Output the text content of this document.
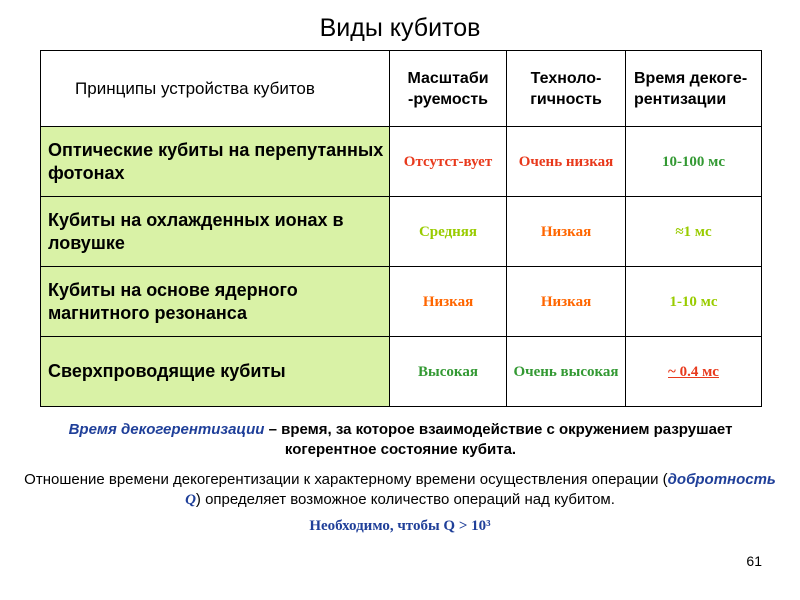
Виды кубитов
Принципы устройства кубитов	Масштаби -руемость	Техноло-гичность	Время декоге-рентизации
Оптические кубиты на перепутанных фотонах	Отсутст-вует	Очень низкая	10-100 мс
Кубиты на охлажденных ионах в ловушке	Средняя	Низкая	≈1 мс
Кубиты на основе ядерного магнитного резонанса	Низкая	Низкая	1-10 мс
Сверхпроводящие кубиты	Высокая	Очень высокая	~ 0.4 мс
Время декогерентизации – время, за которое взаимодействие с окружением разрушает когерентное состояние кубита.
Отношение времени декогерентизации к характерному времени осуществления операции (добротность Q) определяет возможное количество операций над кубитом.
Необходимо, чтобы Q > 10³
61
